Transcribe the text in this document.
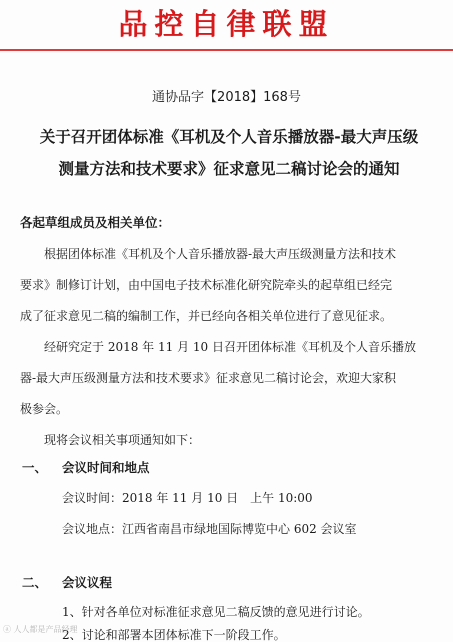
品控自律联盟
通协品字【2018】168号
关于召开团体标准《耳机及个人音乐播放器-最大声压级
测量方法和技术要求》征求意见二稿讨论会的通知
各起草组成员及相关单位：
根据团体标准《耳机及个人音乐播放器-最大声压级测量方法和技术
要求》制修订计划，由中国电子技术标准化研究院牵头的起草组已经完
成了征求意见二稿的编制工作，并已经向各相关单位进行了意见征求。
经研究定于 2018 年 11 月 10 日召开团体标准《耳机及个人音乐播放
器-最大声压级测量方法和技术要求》征求意见二稿讨论会，欢迎大家积
极参会。
现将会议相关事项通知如下：
一、 会议时间和地点
会议时间：2018 年 11 月 10 日　上午 10:00
会议地点：江西省南昌市绿地国际博览中心 602 会议室
二、 会议议程
1、针对各单位对标准征求意见二稿反馈的意见进行讨论。
2、讨论和部署本团体标准下一阶段工作。
ⓐ 人人都是产品经理
